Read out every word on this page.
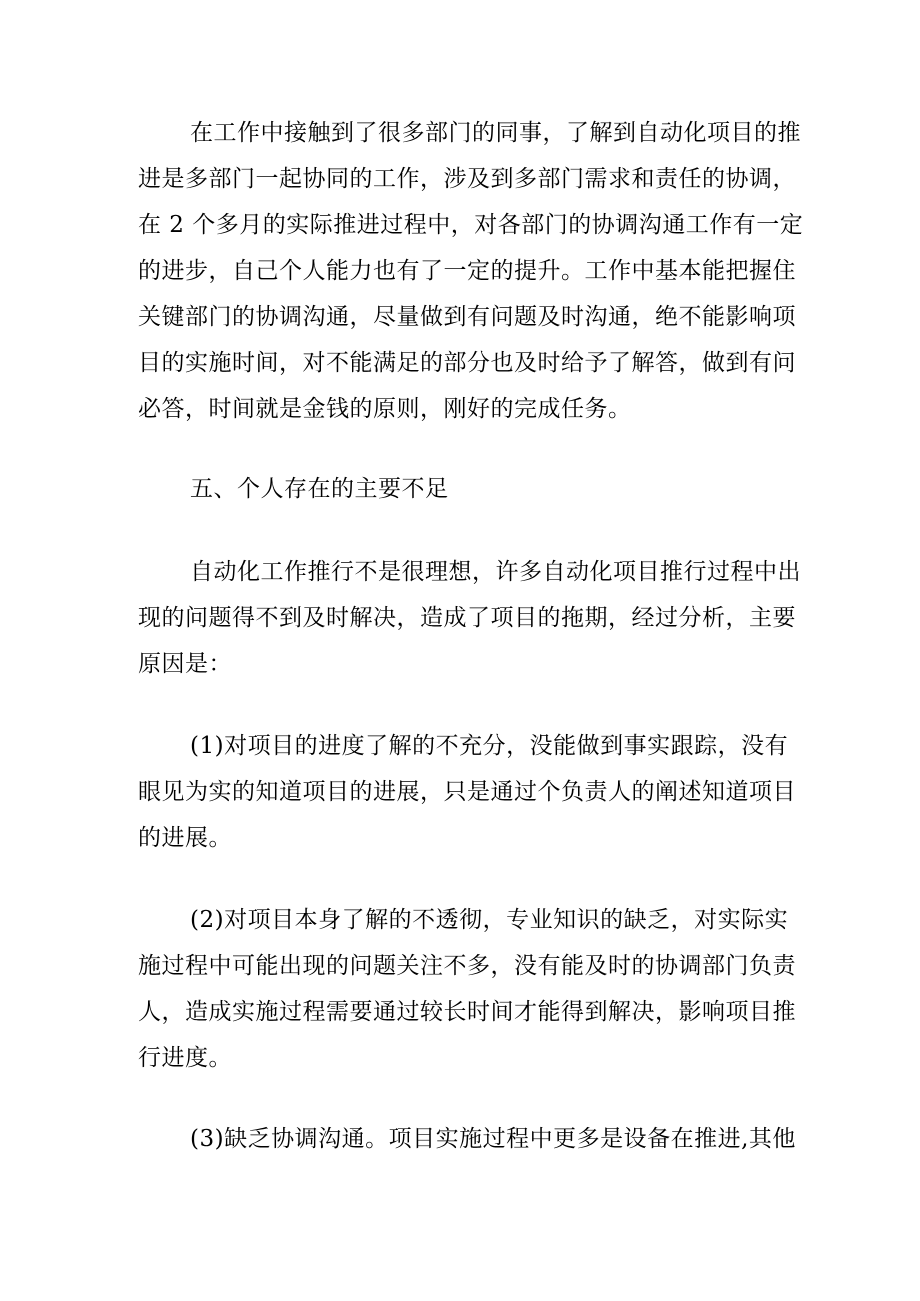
在工作中接触到了很多部门的同事，了解到自动化项目的推
进是多部门一起协同的工作，涉及到多部门需求和责任的协调，
在 2 个多月的实际推进过程中，对各部门的协调沟通工作有一定
的进步，自己个人能力也有了一定的提升。工作中基本能把握住
关键部门的协调沟通，尽量做到有问题及时沟通，绝不能影响项
目的实施时间，对不能满足的部分也及时给予了解答，做到有问
必答，时间就是金钱的原则，刚好的完成任务。
五、个人存在的主要不足
自动化工作推行不是很理想，许多自动化项目推行过程中出
现的问题得不到及时解决，造成了项目的拖期，经过分析，主要
原因是：
(1)对项目的进度了解的不充分，没能做到事实跟踪，没有
眼见为实的知道项目的进展，只是通过个负责人的阐述知道项目
的进展。
(2)对项目本身了解的不透彻，专业知识的缺乏，对实际实
施过程中可能出现的问题关注不多，没有能及时的协调部门负责
人，造成实施过程需要通过较长时间才能得到解决，影响项目推
行进度。
(3)缺乏协调沟通。项目实施过程中更多是设备在推进,其他
